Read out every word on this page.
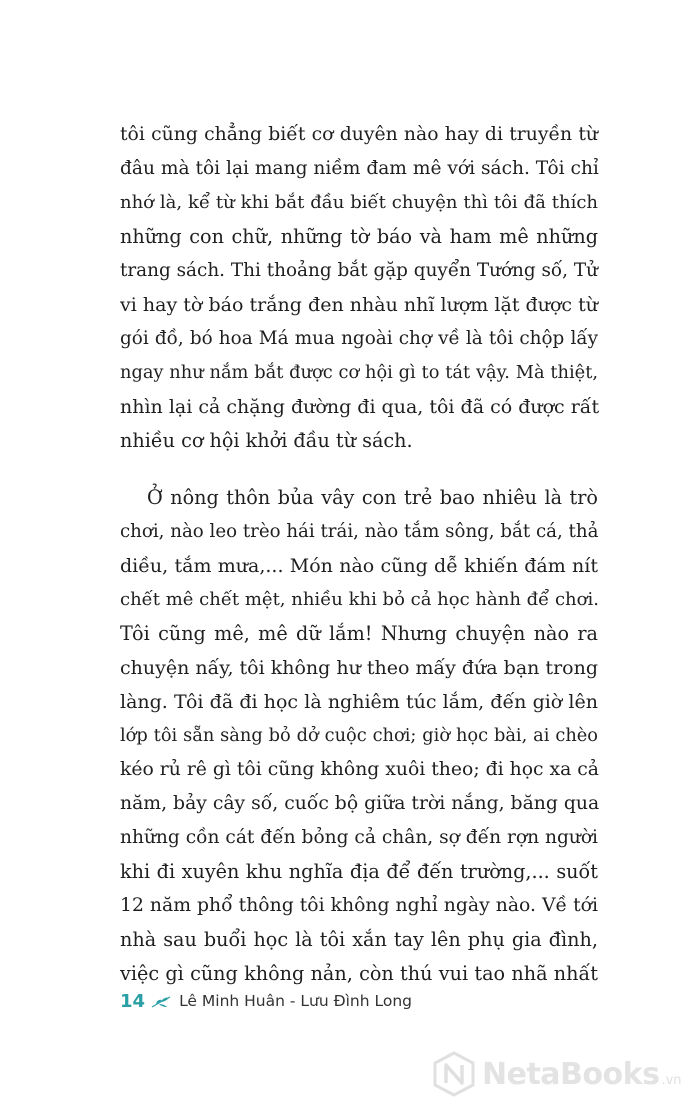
tôi cũng chẳng biết cơ duyên nào hay di truyền từ

đâu mà tôi lại mang niềm đam mê với sách. Tôi chỉ

nhớ là, kể từ khi bắt đầu biết chuyện thì tôi đã thích

những con chữ, những tờ báo và ham mê những

trang sách. Thi thoảng bắt gặp quyển Tướng số, Tử

vi hay tờ báo trắng đen nhàu nhĩ lượm lặt được từ

gói đồ, bó hoa Má mua ngoài chợ về là tôi chộp lấy

ngay như nắm bắt được cơ hội gì to tát vậy. Mà thiệt,

nhìn lại cả chặng đường đi qua, tôi đã có được rất

nhiều cơ hội khởi đầu từ sách.

Ở nông thôn bủa vây con trẻ bao nhiêu là trò

chơi, nào leo trèo hái trái, nào tắm sông, bắt cá, thả

diều, tắm mưa,... Món nào cũng dễ khiến đám nít

chết mê chết mệt, nhiều khi bỏ cả học hành để chơi.

Tôi cũng mê, mê dữ lắm! Nhưng chuyện nào ra

chuyện nấy, tôi không hư theo mấy đứa bạn trong

làng. Tôi đã đi học là nghiêm túc lắm, đến giờ lên

lớp tôi sẵn sàng bỏ dở cuộc chơi; giờ học bài, ai chèo

kéo rủ rê gì tôi cũng không xuôi theo; đi học xa cả

năm, bảy cây số, cuốc bộ giữa trời nắng, băng qua

những cồn cát đến bỏng cả chân, sợ đến rợn người

khi đi xuyên khu nghĩa địa để đến trường,... suốt

12 năm phổ thông tôi không nghỉ ngày nào. Về tới

nhà sau buổi học là tôi xắn tay lên phụ gia đình,

việc gì cũng không nản, còn thú vui tao nhã nhất

14 Lê Minh Huân - Lưu Đình Long
NetaBooks .vn
